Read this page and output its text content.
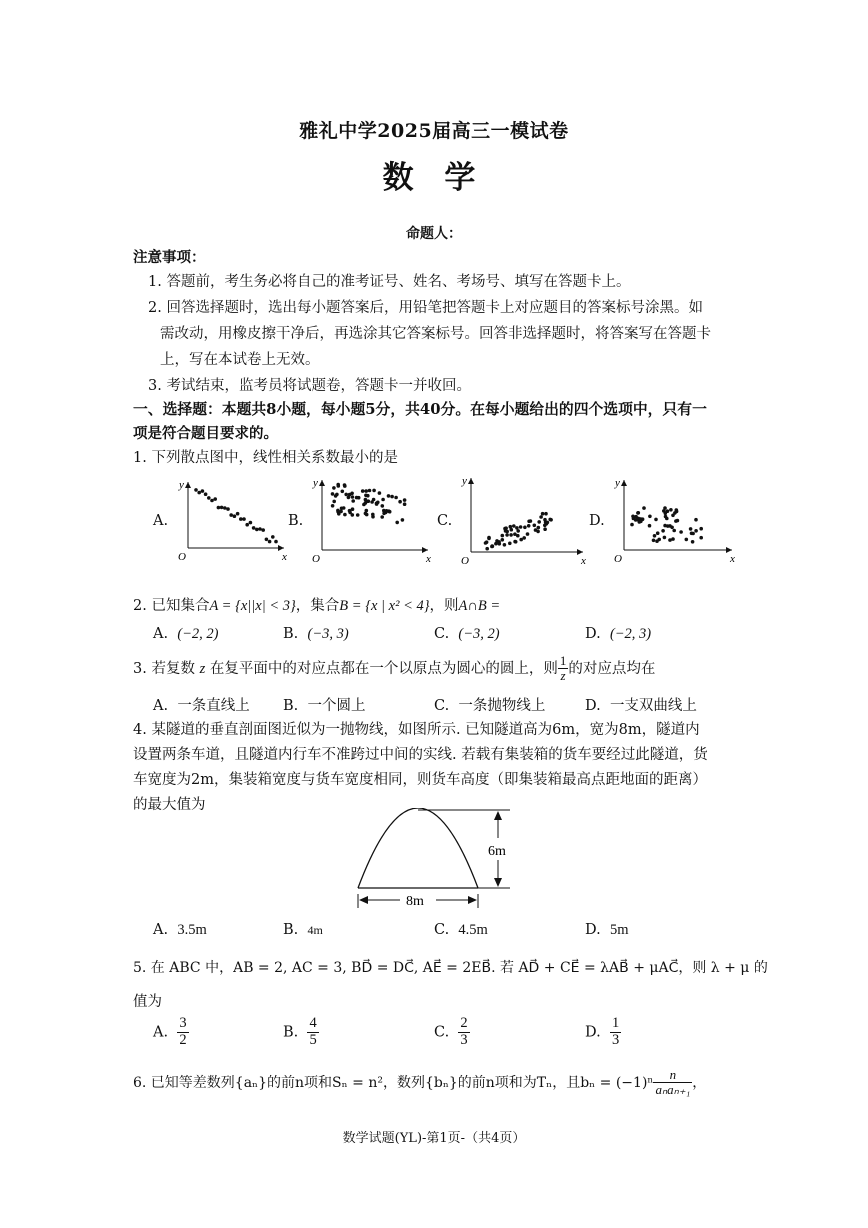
雅礼中学2025届高三一模试卷
数 学
命题人：
注意事项：
1. 答题前，考生务必将自己的准考证号、姓名、考场号、填写在答题卡上。
2. 回答选择题时，选出每小题答案后，用铅笔把答题卡上对应题目的答案标号涂黑。如
需改动，用橡皮擦干净后，再选涂其它答案标号。回答非选择题时，将答案写在答题卡
上，写在本试卷上无效。
3. 考试结束，监考员将试题卷，答题卡一并收回。
一、选择题：本题共8小题，每小题5分，共40分。在每小题给出的四个选项中，只有一
项是符合题目要求的。
1. 下列散点图中，线性相关系数最小的是
A.	B.	C.	D.
y
x
O
y
x
O
y
x
O
y
x
O
2. 已知集合A = {x||x| < 3}，集合B = {x | x² < 4}，则A∩B =
A. (−2, 2)	B. (−3, 3)	C. (−3, 2)	D. (−2, 3)
3. 若复数 z 在复平面中的对应点都在一个以原点为圆心的圆上，则 $\frac{1}{z}$ 的对应点均在
A. 一条直线上 B. 一个圆上	C. 一条抛物线上	D. 一支双曲线上
4. 某隧道的垂直剖面图近似为一抛物线，如图所示. 已知隧道高为6m，宽为8m，隧道内
设置两条车道，且隧道内行车不准跨过中间的实线. 若载有集装箱的货车要经过此隧道，货
车宽度为2m，集装箱宽度与货车宽度相同，则货车高度（即集装箱最高点距地面的距离）
的最大值为
6m
8m
A. 3.5m	B. 4m	C. 4.5m	D. 5m
5. 在 ABC 中，AB = 2, AC = 3, BD⃗ = DC⃗, AE⃗ = 2EB⃗. 若 AD⃗ + CE⃗ = λAB⃗ + μAC⃗，则 λ + μ 的
值为
A. $\frac{3}{2}$	B. $\frac{4}{5}$	C. $\frac{2}{3}$	D. $\frac{1}{3}$
6. 已知等差数列{aₙ}的前n项和Sₙ = n²，数列{bₙ}的前n项和为Tₙ，且$b_n = (-1)^n \frac{n}{\text{aₙaₙ₊₁}}$ ，
数学试题(YL)-第1页-（共4页）
